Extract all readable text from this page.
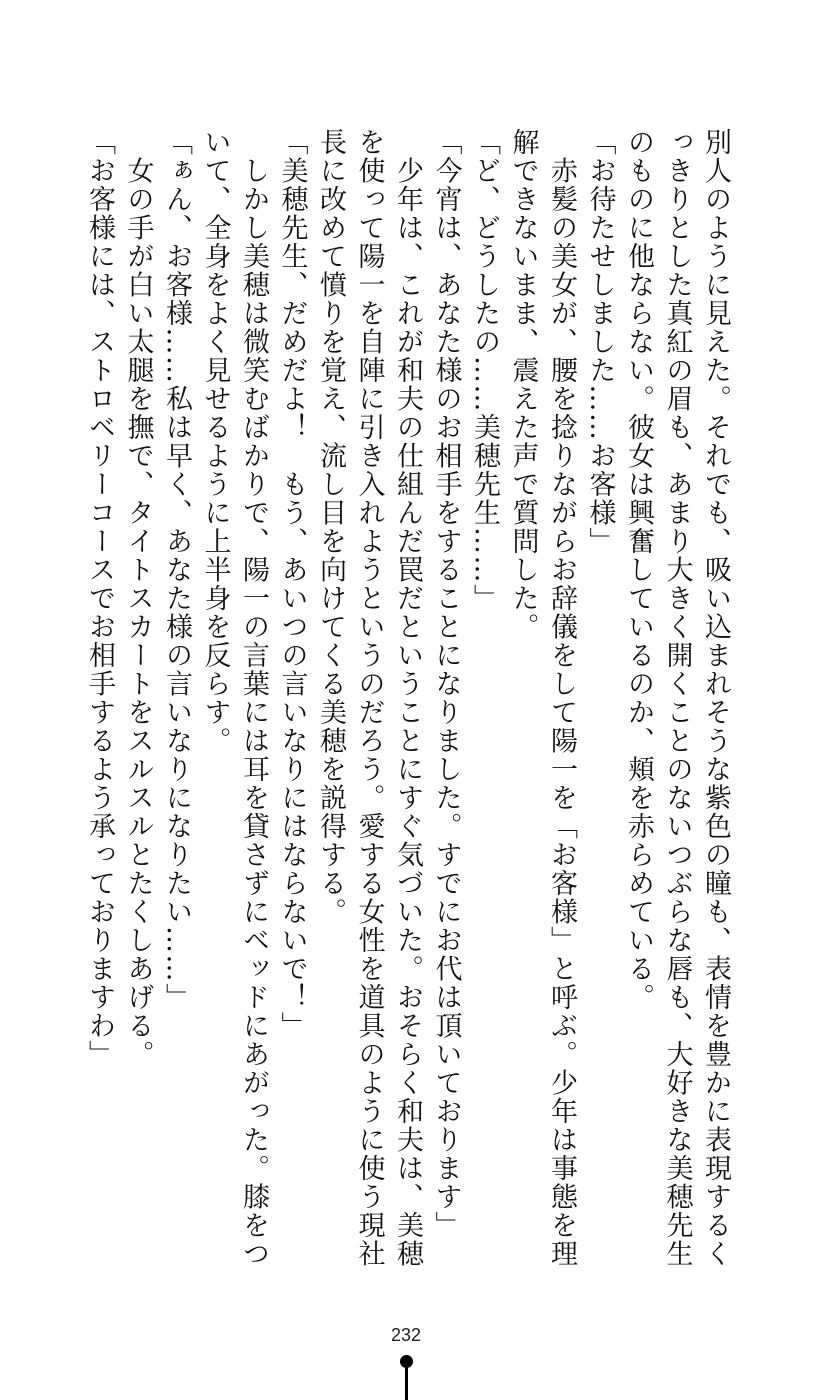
別人のように見えた。それでも、吸い込まれそうな紫色の瞳も、表情を豊かに表現するく
っきりとした真紅の眉も、あまり大きく開くことのないつぶらな唇も、大好きな美穂先生
のものに他ならない。彼女は興奮しているのか、頬を赤らめている。
「お待たせしました……お客様」
　赤髪の美女が、腰を捻りながらお辞儀をして陽一を「お客様」と呼ぶ。少年は事態を理
解できないまま、震えた声で質問した。
「ど、どうしたの……美穂先生……」
「今宵は、あなた様のお相手をすることになりました。すでにお代は頂いております」
　少年は、これが和夫の仕組んだ罠だということにすぐ気づいた。おそらく和夫は、美穂
を使って陽一を自陣に引き入れようというのだろう。愛する女性を道具のように使う現社
長に改めて憤りを覚え、流し目を向けてくる美穂を説得する。
「美穂先生、だめだよ！　もう、あいつの言いなりにはならないで！」
　しかし美穂は微笑むばかりで、陽一の言葉には耳を貸さずにベッドにあがった。膝をつ
いて、全身をよく見せるように上半身を反らす。
「ぁん、お客様……私は早く、あなた様の言いなりになりたい……」
　女の手が白い太腿を撫で、タイトスカートをスルスルとたくしあげる。
「お客様には、ストロベリーコースでお相手するよう承っておりますわ」
232
